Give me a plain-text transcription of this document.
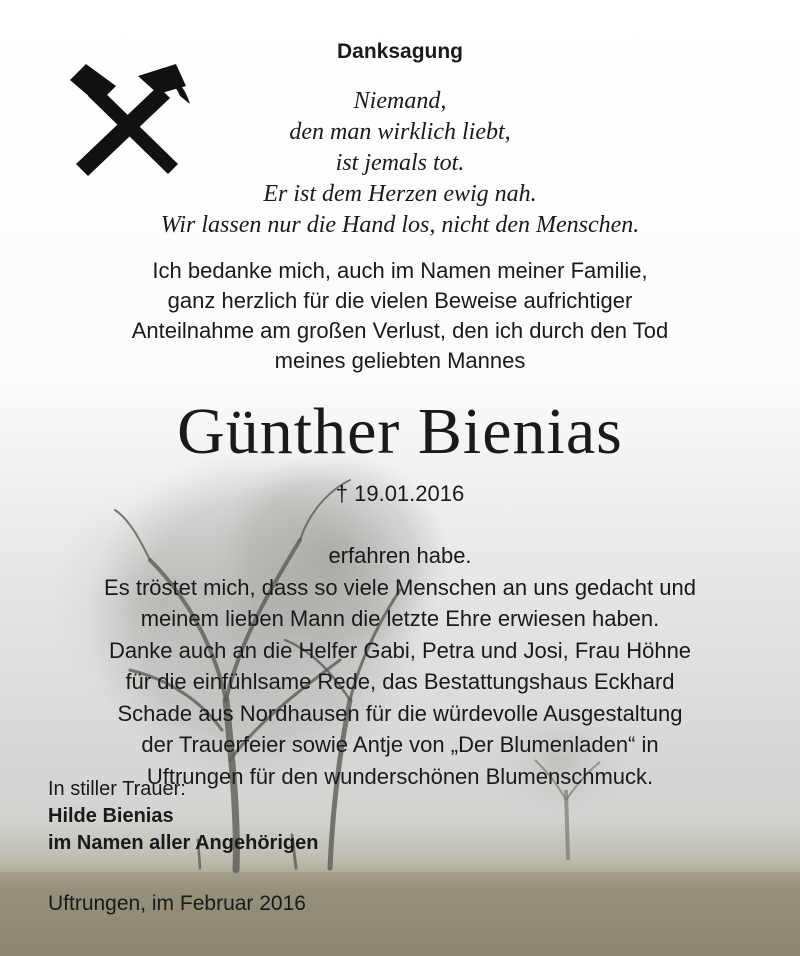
Danksagung
Niemand,
den man wirklich liebt,
ist jemals tot.
Er ist dem Herzen ewig nah.
Wir lassen nur die Hand los, nicht den Menschen.
Ich bedanke mich, auch im Namen meiner Familie,
ganz herzlich für die vielen Beweise aufrichtiger
Anteilnahme am großen Verlust, den ich durch den Tod
meines geliebten Mannes
Günther Bienias
† 19.01.2016
erfahren habe.
Es tröstet mich, dass so viele Menschen an uns gedacht und
meinem lieben Mann die letzte Ehre erwiesen haben.
Danke auch an die Helfer Gabi, Petra und Josi, Frau Höhne
für die einfühlsame Rede, das Bestattungshaus Eckhard
Schade aus Nordhausen für die würdevolle Ausgestaltung
der Trauerfeier sowie Antje von „Der Blumenladen“ in
Uftrungen für den wunderschönen Blumenschmuck.
In stiller Trauer:
Hilde Bienias
im Namen aller Angehörigen
Uftrungen, im Februar 2016
